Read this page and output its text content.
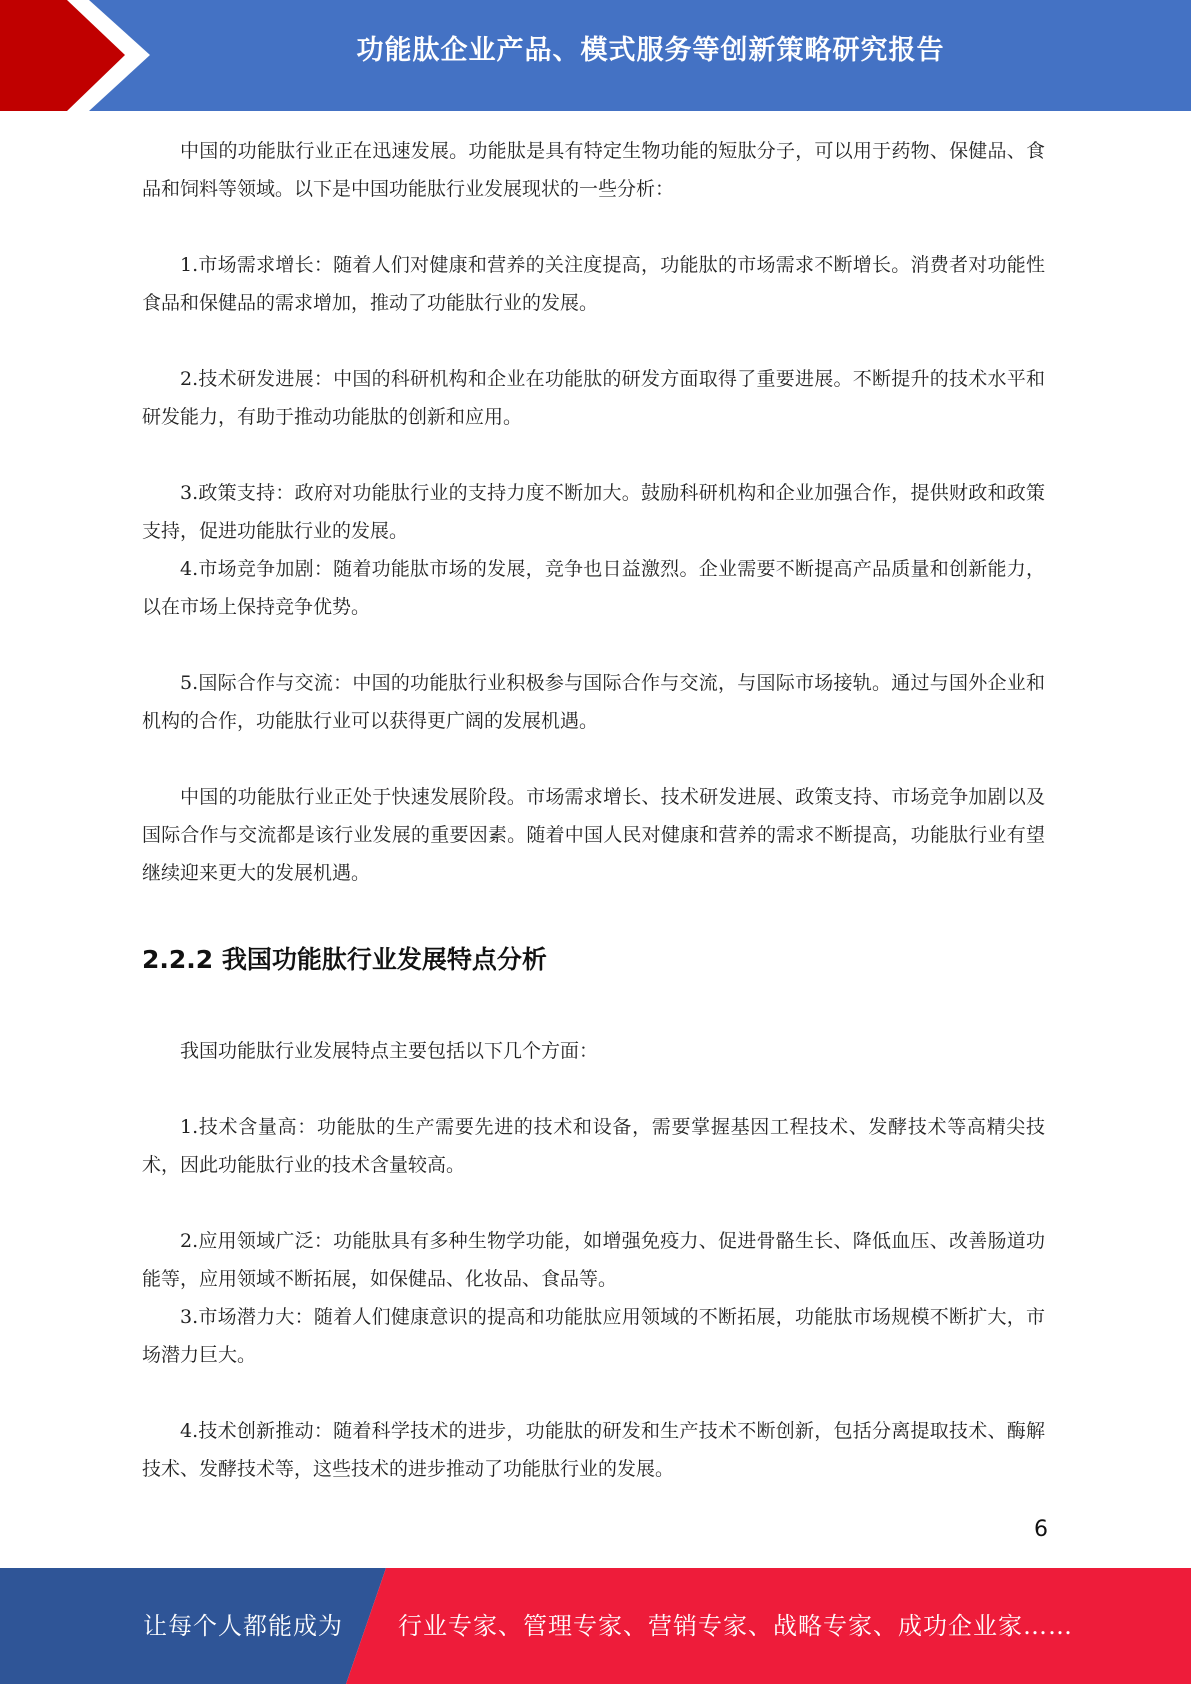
功能肽企业产品、模式服务等创新策略研究报告

中国的功能肽行业正在迅速发展。功能肽是具有特定生物功能的短肽分子，可以用于药物、保健品、食品和饲料等领域。以下是中国功能肽行业发展现状的一些分析：

1.市场需求增长：随着人们对健康和营养的关注度提高，功能肽的市场需求不断增长。消费者对功能性食品和保健品的需求增加，推动了功能肽行业的发展。

2.技术研发进展：中国的科研机构和企业在功能肽的研发方面取得了重要进展。不断提升的技术水平和研发能力，有助于推动功能肽的创新和应用。

3.政策支持：政府对功能肽行业的支持力度不断加大。鼓励科研机构和企业加强合作，提供财政和政策支持，促进功能肽行业的发展。

4.市场竞争加剧：随着功能肽市场的发展，竞争也日益激烈。企业需要不断提高产品质量和创新能力，以在市场上保持竞争优势。

5.国际合作与交流：中国的功能肽行业积极参与国际合作与交流，与国际市场接轨。通过与国外企业和机构的合作，功能肽行业可以获得更广阔的发展机遇。

中国的功能肽行业正处于快速发展阶段。市场需求增长、技术研发进展、政策支持、市场竞争加剧以及国际合作与交流都是该行业发展的重要因素。随着中国人民对健康和营养的需求不断提高，功能肽行业有望继续迎来更大的发展机遇。

2.2.2 我国功能肽行业发展特点分析

我国功能肽行业发展特点主要包括以下几个方面：

1.技术含量高：功能肽的生产需要先进的技术和设备，需要掌握基因工程技术、发酵技术等高精尖技术，因此功能肽行业的技术含量较高。

2.应用领域广泛：功能肽具有多种生物学功能，如增强免疫力、促进骨骼生长、降低血压、改善肠道功能等，应用领域不断拓展，如保健品、化妆品、食品等。

3.市场潜力大：随着人们健康意识的提高和功能肽应用领域的不断拓展，功能肽市场规模不断扩大，市场潜力巨大。

4.技术创新推动：随着科学技术的进步，功能肽的研发和生产技术不断创新，包括分离提取技术、酶解技术、发酵技术等，这些技术的进步推动了功能肽行业的发展。

6
让每个人都能成为 行业专家、管理专家、营销专家、战略专家、成功企业家……
